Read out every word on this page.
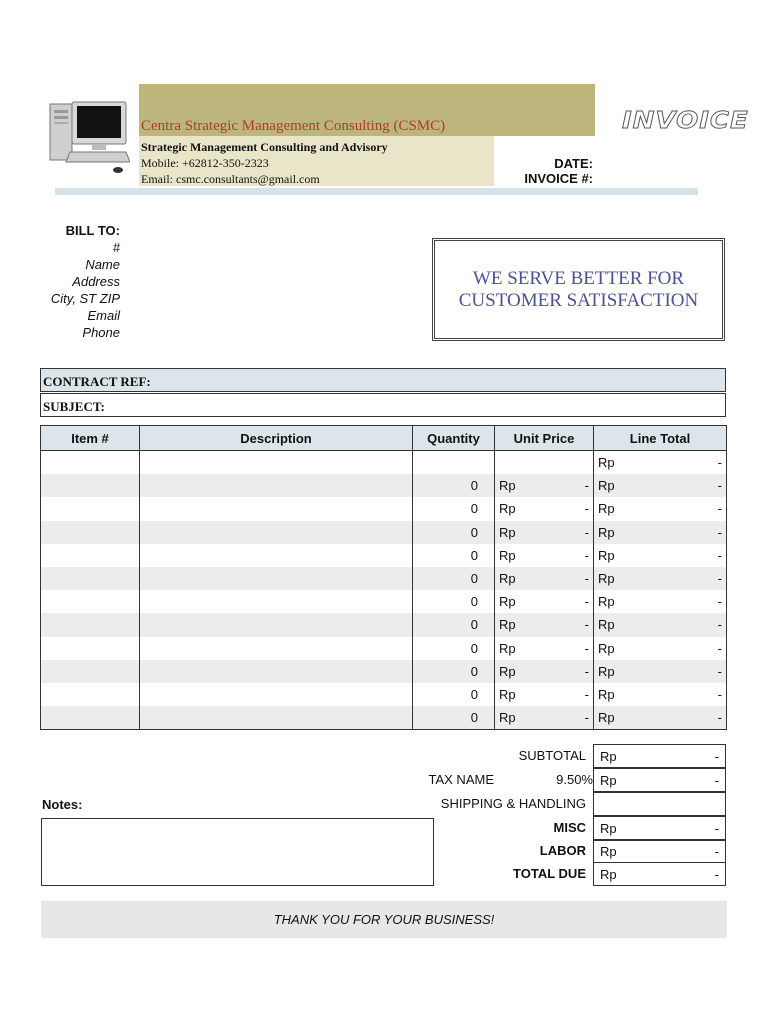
Centra Strategic Management Consulting (CSMC)
Strategic Management Consulting and Advisory
Mobile: +62812-350-2323
Email: csmc.consultants@gmail.com
INVOICE
DATE:
INVOICE #:
BILL TO:
#
Name
Address
City, ST ZIP
Email
Phone
WE SERVE BETTER FOR
CUSTOMER SATISFACTION
CONTRACT REF:
SUBJECT:
Item #	Description	Quantity	Unit Price	Line Total

				Rp -

		0	Rp -	Rp -

		0	Rp -	Rp -

		0	Rp -	Rp -

		0	Rp -	Rp -

		0	Rp -	Rp -

		0	Rp -	Rp -

		0	Rp -	Rp -

		0	Rp -	Rp -

		0	Rp -	Rp -

		0	Rp -	Rp -

		0	Rp -	Rp -
SUBTOTAL Rp	-
TAX NAME	9.50% Rp	-
Notes:	SHIPPING & HANDLING
MISC Rp	-
LABOR Rp	-
TOTAL DUE Rp	-
THANK YOU FOR YOUR BUSINESS!
